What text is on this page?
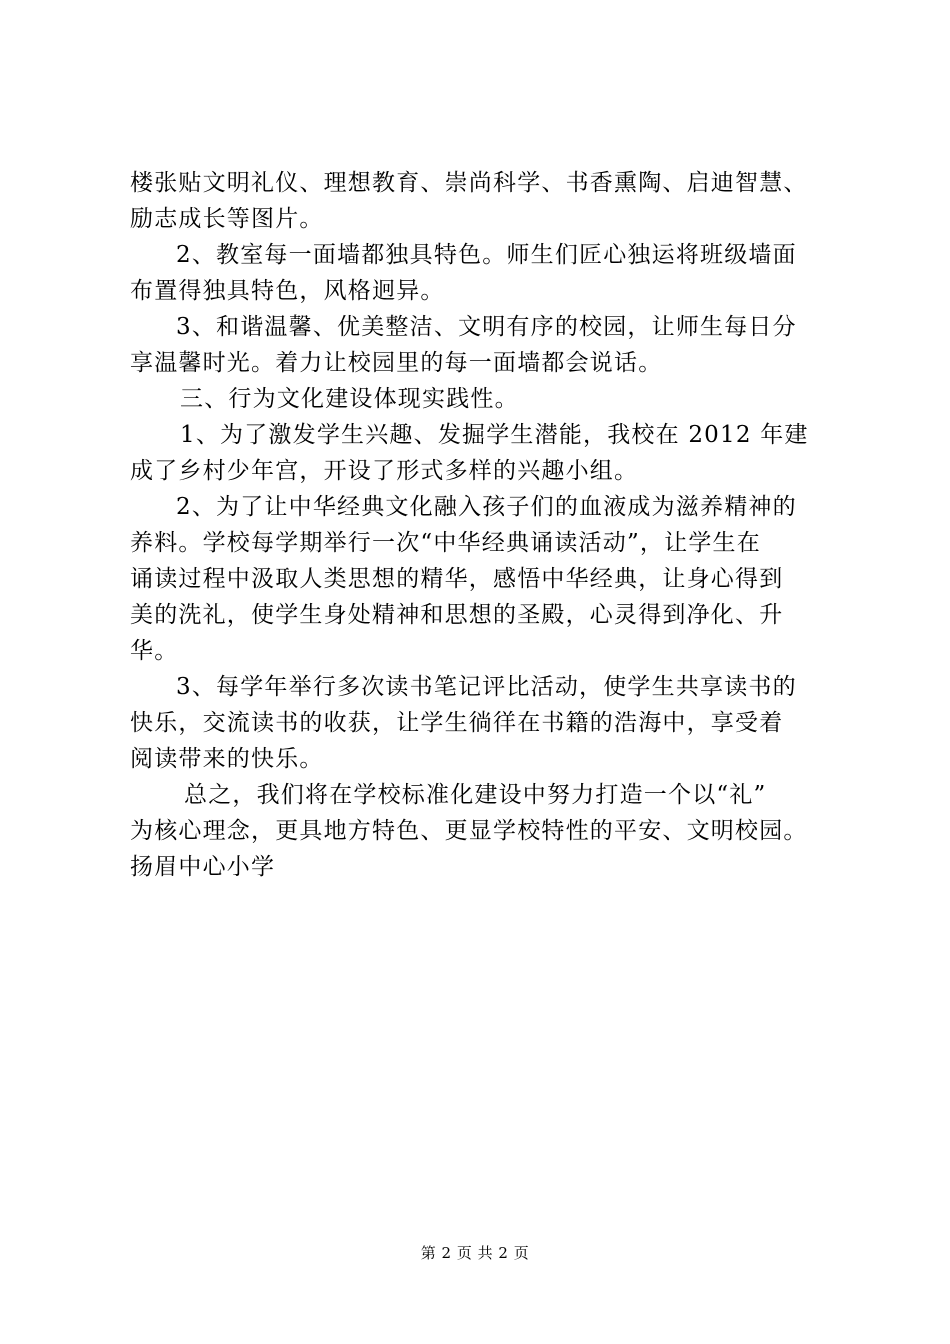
楼张贴文明礼仪、理想教育、崇尚科学、书香熏陶、启迪智慧、
励志成长等图片。
2、教室每一面墙都独具特色。师生们匠心独运将班级墙面
布置得独具特色，风格迥异。
3、和谐温馨、优美整洁、文明有序的校园，让师生每日分
享温馨时光。着力让校园里的每一面墙都会说话。
三、行为文化建设体现实践性。
1、为了激发学生兴趣、发掘学生潜能，我校在 2012 年建
成了乡村少年宫，开设了形式多样的兴趣小组。
2、为了让中华经典文化融入孩子们的血液成为滋养精神的
养料。学校每学期举行一次“中华经典诵读活动”，让学生在
诵读过程中汲取人类思想的精华，感悟中华经典，让身心得到
美的洗礼，使学生身处精神和思想的圣殿，心灵得到净化、升
华。
3、每学年举行多次读书笔记评比活动，使学生共享读书的
快乐，交流读书的收获，让学生徜徉在书籍的浩海中，享受着
阅读带来的快乐。
总之，我们将在学校标准化建设中努力打造一个以“礼”
为核心理念，更具地方特色、更显学校特性的平安、文明校园。
扬眉中心小学
第 2 页 共 2 页
